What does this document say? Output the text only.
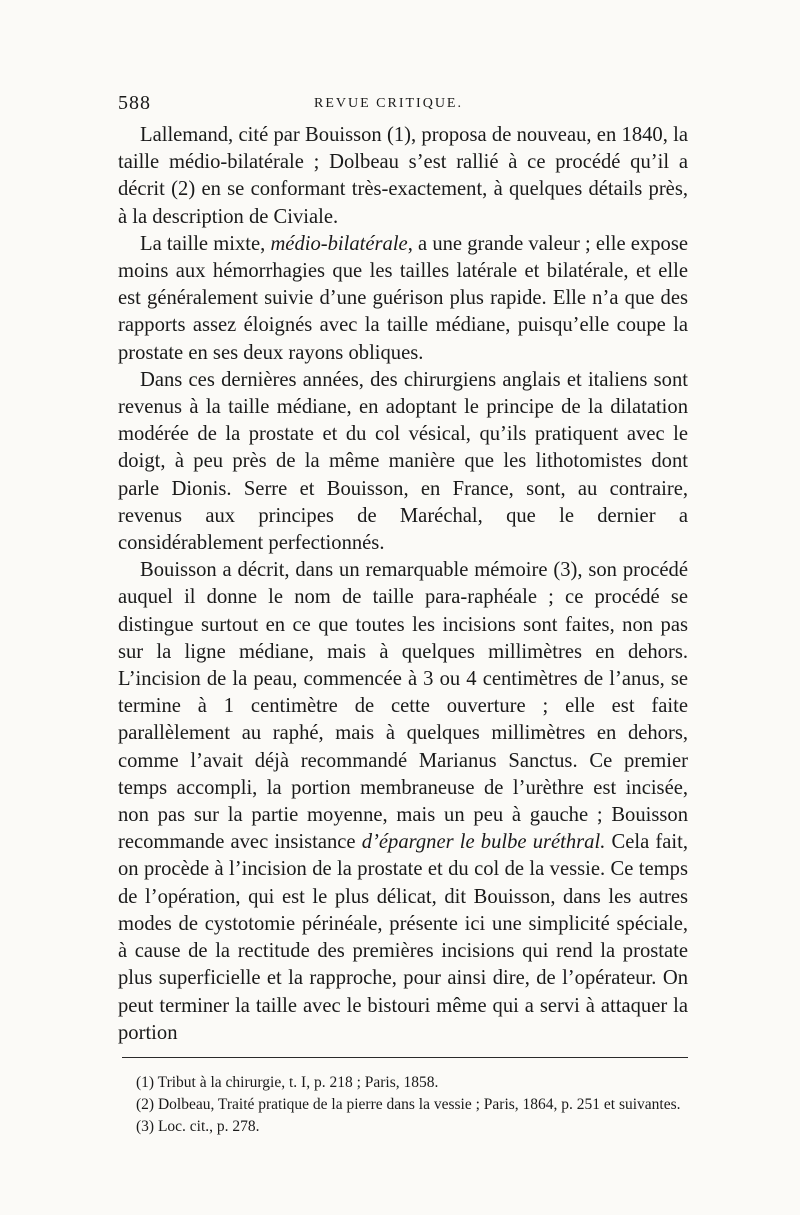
588	REVUE CRITIQUE.

Lallemand, cité par Bouisson (1), proposa de nouveau, en 1840, la taille médio-bilatérale ; Dolbeau s’est rallié à ce procédé qu’il a décrit (2) en se conformant très-exactement, à quelques détails près, à la description de Civiale.

La taille mixte, médio-bilatérale, a une grande valeur ; elle expose moins aux hémorrhagies que les tailles latérale et bilatérale, et elle est généralement suivie d’une guérison plus rapide. Elle n’a que des rapports assez éloignés avec la taille médiane, puisqu’elle coupe la prostate en ses deux rayons obliques.

Dans ces dernières années, des chirurgiens anglais et italiens sont revenus à la taille médiane, en adoptant le principe de la dilatation modérée de la prostate et du col vésical, qu’ils pratiquent avec le doigt, à peu près de la même manière que les lithotomistes dont parle Dionis. Serre et Bouisson, en France, sont, au contraire, revenus aux principes de Maréchal, que le dernier a considérablement perfectionnés.

Bouisson a décrit, dans un remarquable mémoire (3), son procédé auquel il donne le nom de taille para-raphéale ; ce procédé se distingue surtout en ce que toutes les incisions sont faites, non pas sur la ligne médiane, mais à quelques millimètres en dehors. L’incision de la peau, commencée à 3 ou 4 centimètres de l’anus, se termine à 1 centimètre de cette ouverture ; elle est faite parallèlement au raphé, mais à quelques millimètres en dehors, comme l’avait déjà recommandé Marianus Sanctus. Ce premier temps accompli, la portion membraneuse de l’urèthre est incisée, non pas sur la partie moyenne, mais un peu à gauche ; Bouisson recommande avec insistance d’épargner le bulbe uréthral. Cela fait, on procède à l’incision de la prostate et du col de la vessie. Ce temps de l’opération, qui est le plus délicat, dit Bouisson, dans les autres modes de cystotomie périnéale, présente ici une simplicité spéciale, à cause de la rectitude des premières incisions qui rend la prostate plus superficielle et la rapproche, pour ainsi dire, de l’opérateur. On peut terminer la taille avec le bistouri même qui a servi à attaquer la portion

(1) Tribut à la chirurgie, t. I, p. 218 ; Paris, 1858.

(2) Dolbeau, Traité pratique de la pierre dans la vessie ; Paris, 1864, p. 251 et suivantes.

(3) Loc. cit., p. 278.
